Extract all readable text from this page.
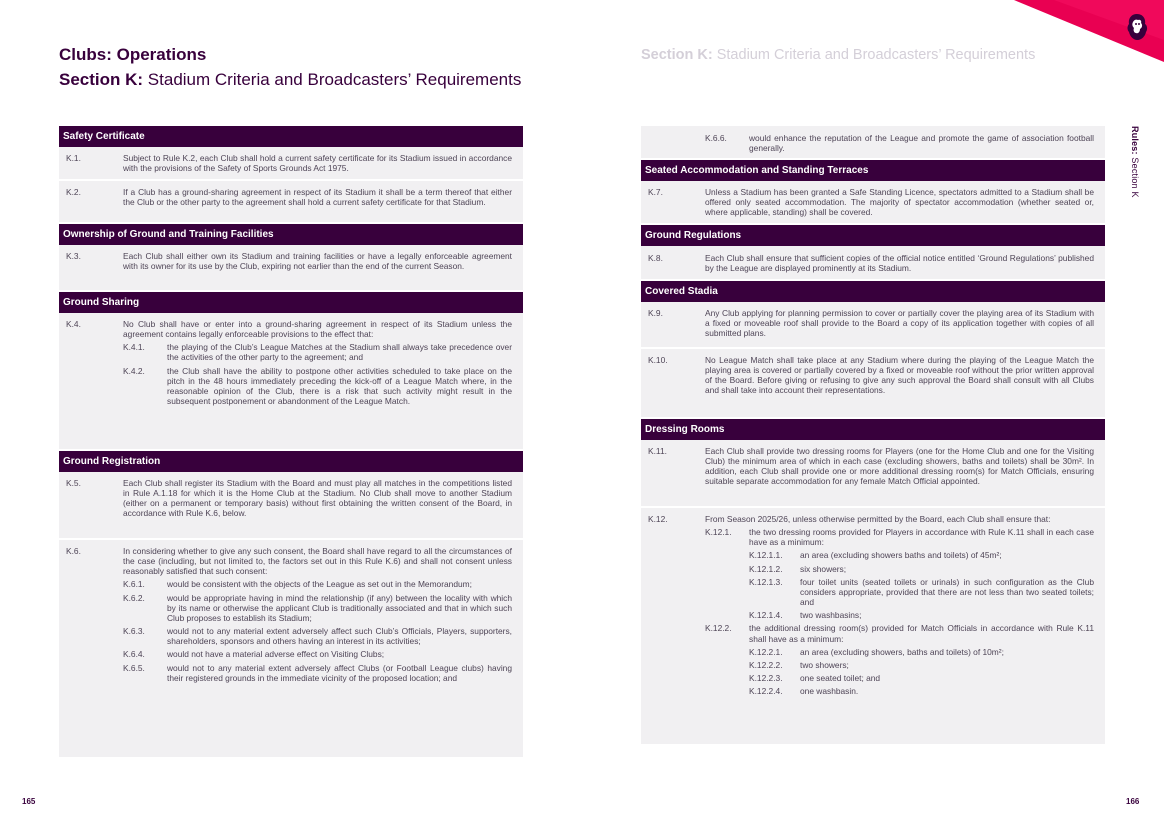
Clubs: Operations
Section K: Stadium Criteria and Broadcasters’ Requirements
Section K: Stadium Criteria and Broadcasters’ Requirements
Rules: Section K
Safety Certificate
K.1.	Subject to Rule K.2, each Club shall hold a current safety certificate for its Stadium issued in accordance with the provisions of the Safety of Sports Grounds Act 1975.
K.2.	If a Club has a ground-sharing agreement in respect of its Stadium it shall be a term thereof that either the Club or the other party to the agreement shall hold a current safety certificate for that Stadium.
Ownership of Ground and Training Facilities
K.3.	Each Club shall either own its Stadium and training facilities or have a legally enforceable agreement with its owner for its use by the Club, expiring not earlier than the end of the current Season.
Ground Sharing
K.4.	No Club shall have or enter into a ground-sharing agreement in respect of its Stadium unless the agreement contains legally enforceable provisions to the effect that:
K.4.1.	the playing of the Club’s League Matches at the Stadium shall always take precedence over the activities of the other party to the agreement; and
K.4.2.	the Club shall have the ability to postpone other activities scheduled to take place on the pitch in the 48 hours immediately preceding the kick-off of a League Match where, in the reasonable opinion of the Club, there is a risk that such activity might result in the subsequent postponement or abandonment of the League Match.
Ground Registration
K.5.	Each Club shall register its Stadium with the Board and must play all matches in the competitions listed in Rule A.1.18 for which it is the Home Club at the Stadium. No Club shall move to another Stadium (either on a permanent or temporary basis) without first obtaining the written consent of the Board, in accordance with Rule K.6, below.
K.6.	In considering whether to give any such consent, the Board shall have regard to all the circumstances of the case (including, but not limited to, the factors set out in this Rule K.6) and shall not consent unless reasonably satisfied that such consent:
K.6.1.	would be consistent with the objects of the League as set out in the Memorandum;
K.6.2.	would be appropriate having in mind the relationship (if any) between the locality with which by its name or otherwise the applicant Club is traditionally associated and that in which such Club proposes to establish its Stadium;
K.6.3.	would not to any material extent adversely affect such Club’s Officials, Players, supporters, shareholders, sponsors and others having an interest in its activities;
K.6.4.	would not have a material adverse effect on Visiting Clubs;
K.6.5.	would not to any material extent adversely affect Clubs (or Football League clubs) having their registered grounds in the immediate vicinity of the proposed location; and
K.6.6.	would enhance the reputation of the League and promote the game of association football generally.
Seated Accommodation and Standing Terraces
K.7.	Unless a Stadium has been granted a Safe Standing Licence, spectators admitted to a Stadium shall be offered only seated accommodation. The majority of spectator accommodation (whether seated or, where applicable, standing) shall be covered.
Ground Regulations
K.8.	Each Club shall ensure that sufficient copies of the official notice entitled ‘Ground Regulations’ published by the League are displayed prominently at its Stadium.
Covered Stadia
K.9.	Any Club applying for planning permission to cover or partially cover the playing area of its Stadium with a fixed or moveable roof shall provide to the Board a copy of its application together with copies of all submitted plans.
K.10.	No League Match shall take place at any Stadium where during the playing of the League Match the playing area is covered or partially covered by a fixed or moveable roof without the prior written approval of the Board. Before giving or refusing to give any such approval the Board shall consult with all Clubs and shall take into account their representations.
Dressing Rooms
K.11.	Each Club shall provide two dressing rooms for Players (one for the Home Club and one for the Visiting Club) the minimum area of which in each case (excluding showers, baths and toilets) shall be 30m². In addition, each Club shall provide one or more additional dressing room(s) for Match Officials, ensuring suitable separate accommodation for any female Match Official appointed.
K.12.	From Season 2025/26, unless otherwise permitted by the Board, each Club shall ensure that:
K.12.1. the two dressing rooms provided for Players in accordance with Rule K.11 shall in each case have as a minimum:
K.12.1.1. an area (excluding showers baths and toilets) of 45m²;
K.12.1.2. six showers;
K.12.1.3. four toilet units (seated toilets or urinals) in such configuration as the Club considers appropriate, provided that there are not less than two seated toilets; and
K.12.1.4. two washbasins;
K.12.2. the additional dressing room(s) provided for Match Officials in accordance with Rule K.11 shall have as a minimum:
K.12.2.1. an area (excluding showers, baths and toilets) of 10m²;
K.12.2.2. two showers;
K.12.2.3. one seated toilet; and
K.12.2.4. one washbasin.
165	166
